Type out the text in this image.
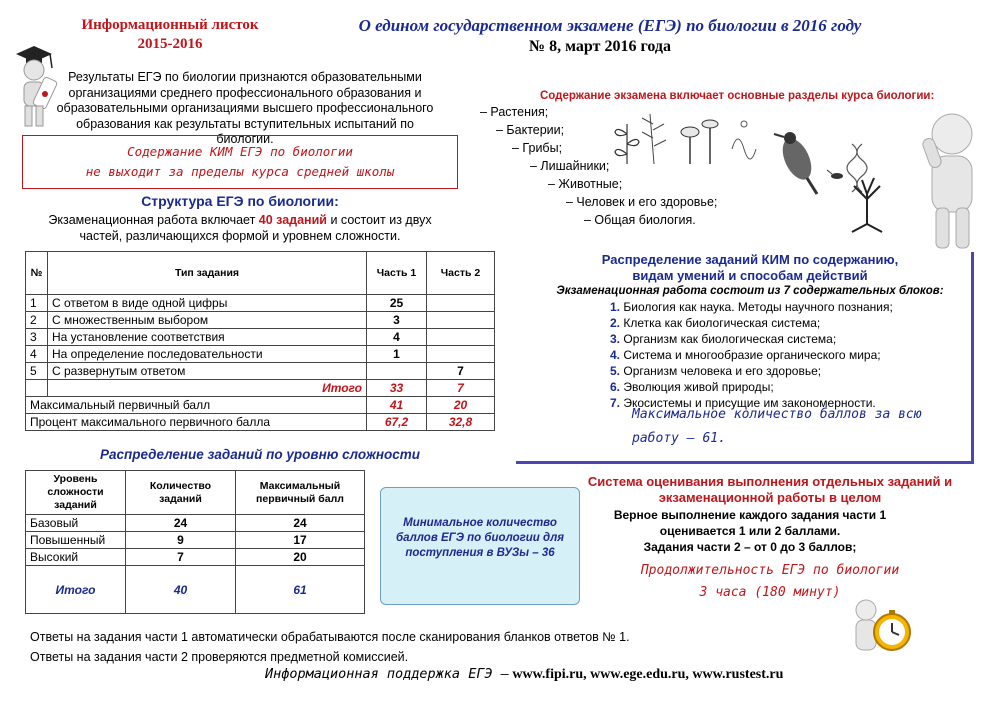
Информационный листок
2015-2016
О едином государственном экзамене (ЕГЭ) по биологии в 2016 году
№ 8, март 2016 года
Результаты ЕГЭ по биологии признаются образовательными организациями среднего профессионального образования и образовательными организациями высшего профессионального образования как результаты вступительных испытаний по биологии.
Содержание КИМ ЕГЭ по биологии
не выходит за пределы курса средней школы
Структура ЕГЭ по биологии:
Экзаменационная работа включает 40 заданий и состоит из двух частей, различающихся формой и уровнем сложности.
№	Тип задания	Часть 1	Часть 2
1	С ответом в виде одной цифры	25	
2	С множественным выбором	3	
3	На установление соответствия	4	
4	На определение последовательности	1	
5	С развернутым ответом		7
	Итого	33	7
Максимальный первичный балл		41	20
Процент максимального первичного балла		67,2	32,8
Распределение заданий по уровню сложности
Уровень сложности заданий	Количество заданий	Максимальный первичный балл
Базовый	24	24
Повышенный	9	17
Высокий	7	20
Итого	40	61
Минимальное количество баллов ЕГЭ по биологии для поступления в ВУЗы – 36
Ответы на задания части 1 автоматически обрабатываются после сканирования бланков ответов № 1.
Ответы на задания части 2 проверяются предметной комиссией.
Информационная поддержка ЕГЭ – www.fipi.ru, www.ege.edu.ru, www.rustest.ru
Содержание экзамена включает основные разделы курса биологии:
– Растения;
– Бактерии;
– Грибы;
– Лишайники;
– Животные;
– Человек и его здоровье;
– Общая биология.
Распределение заданий КИМ по содержанию,
видам умений и способам действий
Экзаменационная работа состоит из 7 содержательных блоков:
1. Биология как наука. Методы научного познания;
2. Клетка как биологическая система;
3. Организм как биологическая система;
4. Система и многообразие органического мира;
5. Организм человека и его здоровье;
6. Эволюция живой природы;
7. Экосистемы и присущие им закономерности.
Максимальное количество баллов за всю работу – 61.
Система оценивания выполнения отдельных заданий и экзаменационной работы в целом
Верное выполнение каждого задания части 1
оценивается 1 или 2 баллами.
Задания части 2 – от 0 до 3 баллов;
Продолжительность ЕГЭ по биологии
3 часа (180 минут)
